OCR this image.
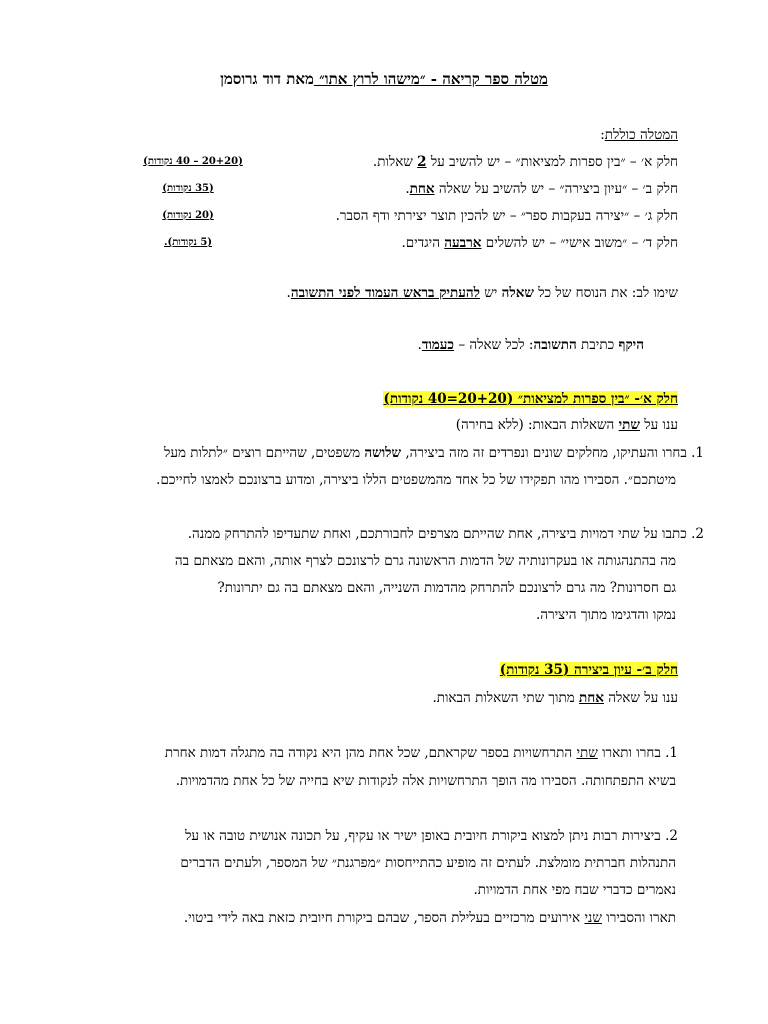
מטלה ספר קריאה - ״מישהו לרוץ אתו״ מאת דוד גרוסמן
המטלה כוללת:
חלק א׳ – ״בין ספרות למציאות״ – יש להשיב על 2 שאלות.
(20+20 – 40 נקודות)
חלק ב׳ – ״עיון ביצירה״ – יש להשיב על שאלה אחת.
(35 נקודות)
חלק ג׳ – ״יצירה בעקבות ספר״ – יש להכין תוצר יצירתי ודף הסבר.
(20 נקודות)
חלק ד׳ – ״משוב אישי״ – יש להשלים ארבעה היגדים.
(5 נקודות).
שימו לב: את הנוסח של כל שאלה יש להעתיק בראש העמוד לפני התשובה.
היקף כתיבת התשובה: לכל שאלה – כעמוד.
חלק א׳- ״בין ספרות למציאות״ (20+20=40 נקודות)
ענו על שתי השאלות הבאות: (ללא בחירה)
1. בחרו והעתיקו, מחלקים שונים ונפרדים זה מזה ביצירה, שלושה משפטים, שהייתם רוצים ״לתלות מעל
מיטתכם״. הסבירו מהו תפקידו של כל אחד מהמשפטים הללו ביצירה, ומדוע ברצונכם לאמצו לחייכם.
2. כתבו על שתי דמויות ביצירה, אחת שהייתם מצרפים לחבורתכם, ואחת שתעדיפו להתרחק ממנה.
מה בהתנהגותה או בעקרונותיה של הדמות הראשונה גרם לרצונכם לצרף אותה, והאם מצאתם בה
גם חסרונות? מה גרם לרצונכם להתרחק מהדמות השנייה, והאם מצאתם בה גם יתרונות?
נמקו והדגימו מתוך היצירה.
חלק ב׳- עיון ביצירה (35 נקודות)
ענו על שאלה אחת מתוך שתי השאלות הבאות.
1. בחרו ותארו שתי התרחשויות בספר שקראתם, שכל אחת מהן היא נקודה בה מתגלה דמות אחרת
בשיא התפתחותה. הסבירו מה הופך התרחשויות אלה לנקודות שיא בחייה של כל אחת מהדמויות.
2. ביצירות רבות ניתן למצוא ביקורת חיובית באופן ישיר או עקיף, על תכונה אנושית טובה או על
התנהלות חברתית מומלצת. לעתים זה מופיע כהתייחסות ״מפרגנת״ של המספר, ולעתים הדברים
נאמרים כדברי שבח מפי אחת הדמויות.
תארו והסבירו שני אירועים מרכזיים בעלילת הספר, שבהם ביקורת חיובית כזאת באה לידי ביטוי.
